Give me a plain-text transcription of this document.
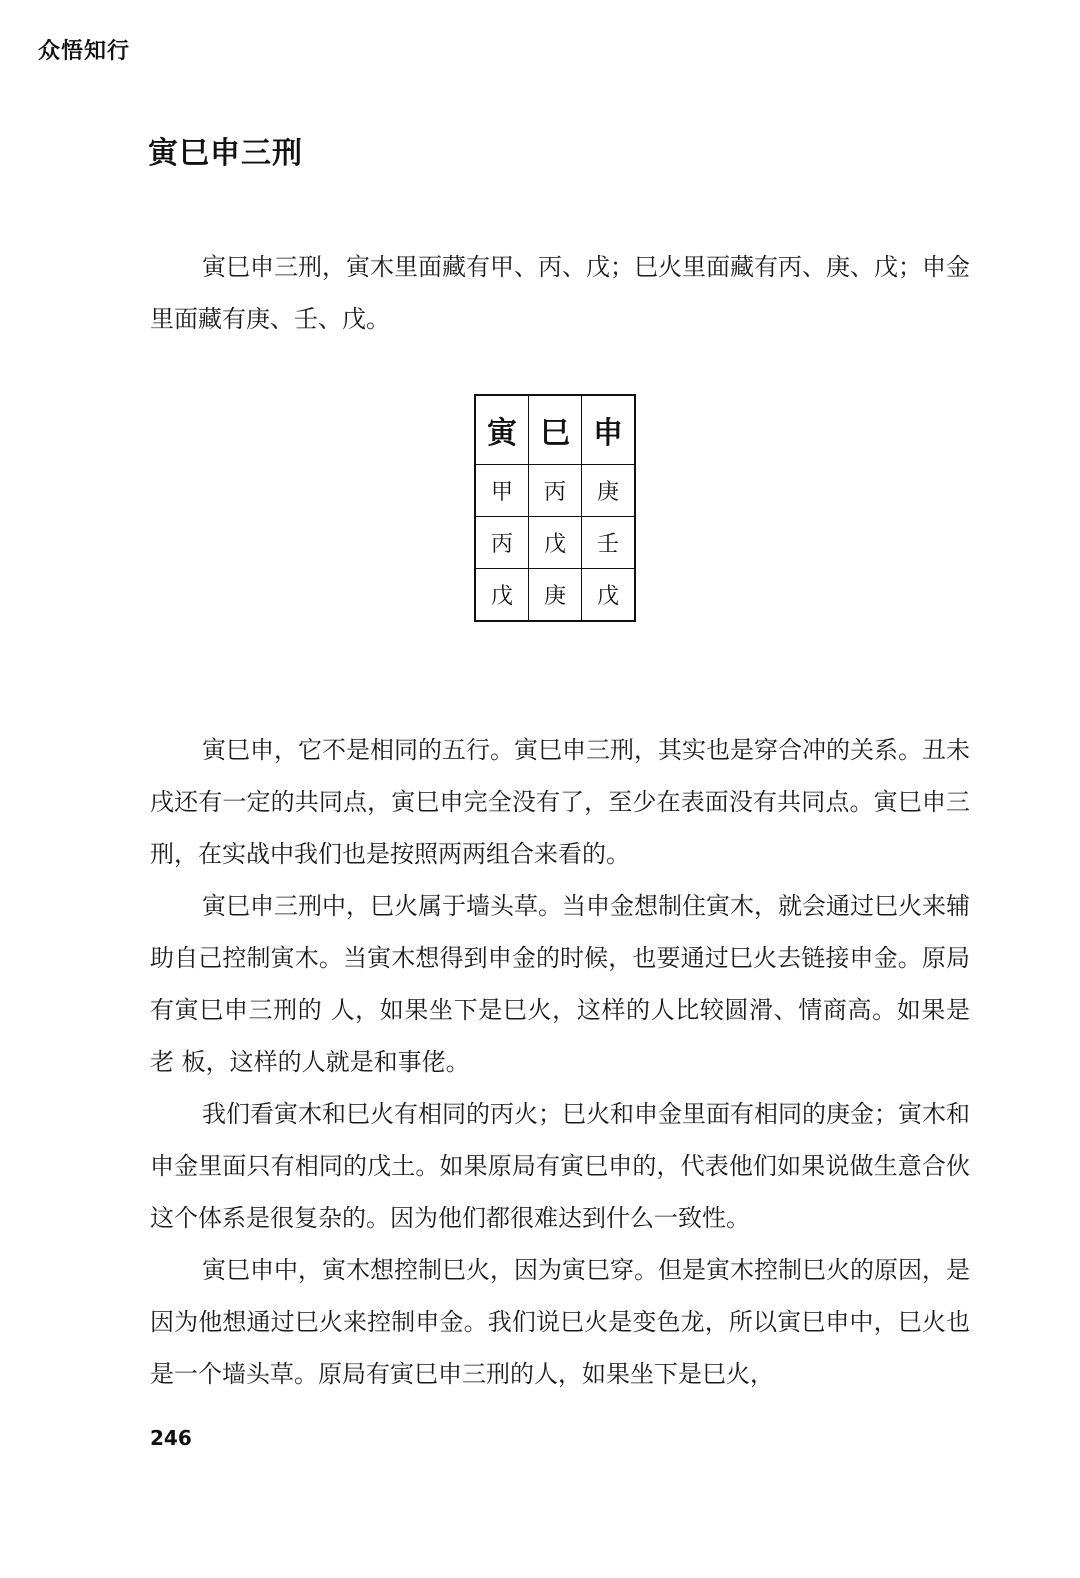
众悟知行
寅巳申三刑

寅巳申三刑，寅木里面藏有甲、丙、戊；巳火里面藏有丙、庚、戊；申金里面藏有庚、壬、戊。

寅	巳	申
甲	丙	庚
丙	戊	壬
戊	庚	戊

寅巳申，它不是相同的五行。寅巳申三刑，其实也是穿合冲的关系。丑未戌还有一定的共同点，寅巳申完全没有了，至少在表面没有共同点。寅巳申三刑，在实战中我们也是按照两两组合来看的。

寅巳申三刑中，巳火属于墙头草。当申金想制住寅木，就会通过巳火来辅助自己控制寅木。当寅木想得到申金的时候，也要通过巳火去链接申金。原局有寅巳申三刑的 人，如果坐下是巳火，这样的人比较圆滑、情商高。如果是老 板，这样的人就是和事佬。

我们看寅木和巳火有相同的丙火；巳火和申金里面有相同的庚金；寅木和申金里面只有相同的戊土。如果原局有寅巳申的，代表他们如果说做生意合伙这个体系是很复杂的。因为他们都很难达到什么一致性。

寅巳申中，寅木想控制巳火，因为寅巳穿。但是寅木控制巳火的原因，是因为他想通过巳火来控制申金。我们说巳火是变色龙，所以寅巳申中，巳火也是一个墙头草。原局有寅巳申三刑的人，如果坐下是巳火，

246
